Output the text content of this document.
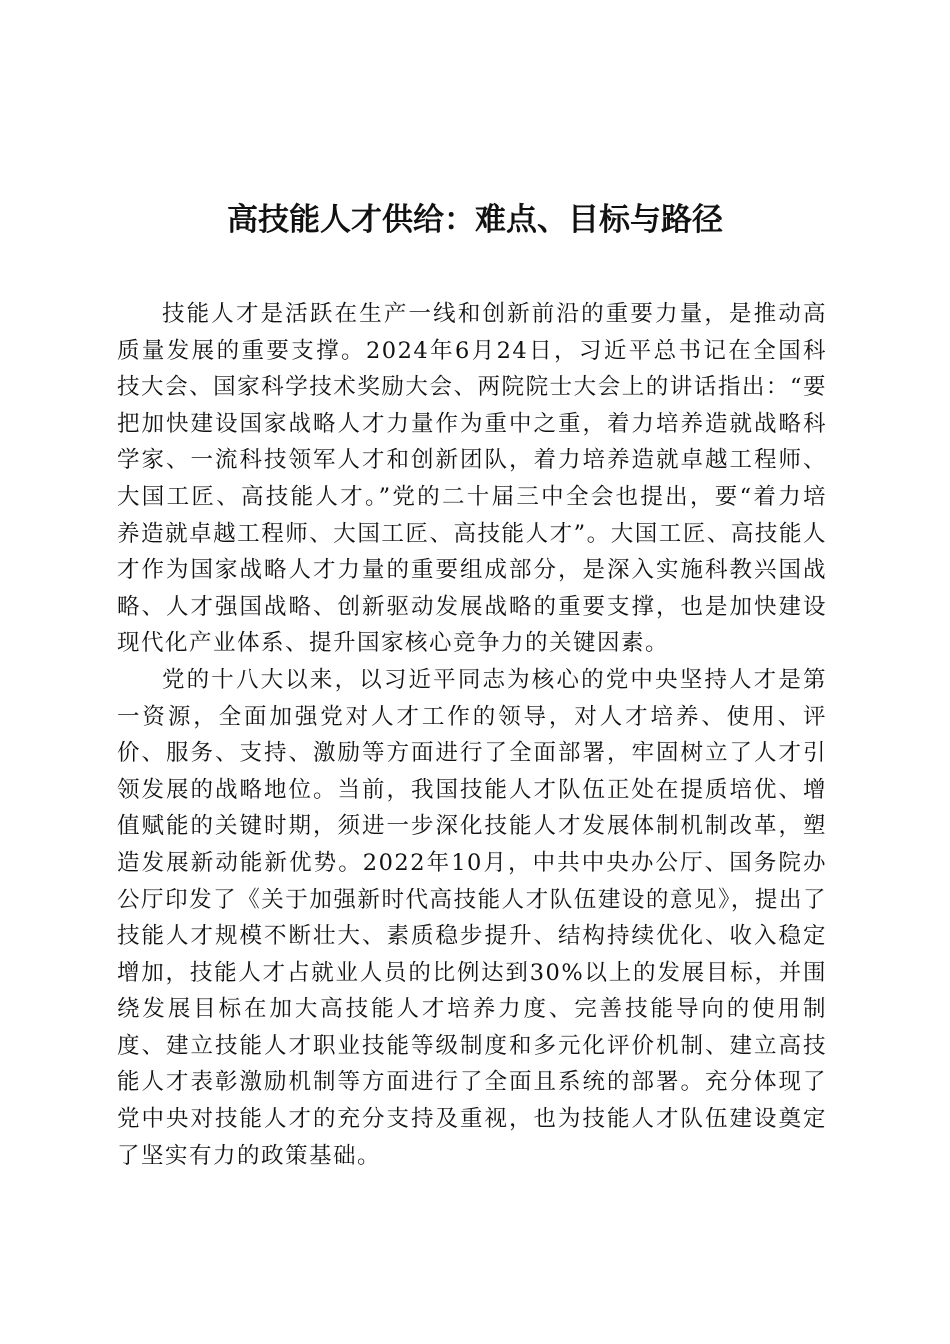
高技能人才供给：难点、目标与路径

技能人才是活跃在生产一线和创新前沿的重要力量，是推动高质量发展的重要支撑。2024年6月24日，习近平总书记在全国科技大会、国家科学技术奖励大会、两院院士大会上的讲话指出：“要把加快建设国家战略人才力量作为重中之重，着力培养造就战略科学家、一流科技领军人才和创新团队，着力培养造就卓越工程师、大国工匠、高技能人才。”党的二十届三中全会也提出，要“着力培养造就卓越工程师、大国工匠、高技能人才”。大国工匠、高技能人才作为国家战略人才力量的重要组成部分，是深入实施科教兴国战略、人才强国战略、创新驱动发展战略的重要支撑，也是加快建设现代化产业体系、提升国家核心竞争力的关键因素。

党的十八大以来，以习近平同志为核心的党中央坚持人才是第一资源，全面加强党对人才工作的领导，对人才培养、使用、评价、服务、支持、激励等方面进行了全面部署，牢固树立了人才引领发展的战略地位。当前，我国技能人才队伍正处在提质培优、增值赋能的关键时期，须进一步深化技能人才发展体制机制改革，塑造发展新动能新优势。2022年10月，中共中央办公厅、国务院办公厅印发了《关于加强新时代高技能人才队伍建设的意见》，提出了技能人才规模不断壮大、素质稳步提升、结构持续优化、收入稳定增加，技能人才占就业人员的比例达到30%以上的发展目标，并围绕发展目标在加大高技能人才培养力度、完善技能导向的使用制度、建立技能人才职业技能等级制度和多元化评价机制、建立高技能人才表彰激励机制等方面进行了全面且系统的部署。充分体现了党中央对技能人才的充分支持及重视，也为技能人才队伍建设奠定了坚实有力的政策基础。
